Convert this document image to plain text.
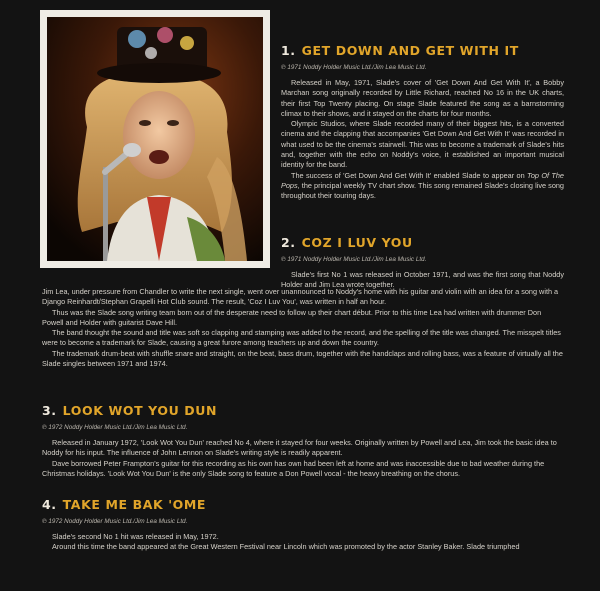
1. GET DOWN AND GET WITH IT
℗ 1971 Noddy Holder Music Ltd./Jim Lea Music Ltd.

Released in May, 1971, Slade's cover of 'Get Down And Get With It', a Bobby Marchan song originally recorded by Little Richard, reached No 16 in the UK charts, their first Top Twenty placing. On stage Slade featured the song as a barnstorming climax to their shows, and it stayed on the charts for four months.

Olympic Studios, where Slade recorded many of their biggest hits, is a converted cinema and the clapping that accompanies 'Get Down And Get With It' was recorded in what used to be the cinema's stairwell. This was to become a trademark of Slade's hits and, together with the echo on Noddy's voice, it established an important musical identity for the band.

The success of 'Get Down And Get With It' enabled Slade to appear on Top Of The Pops, the principal weekly TV chart show. This song remained Slade's closing live song throughout their touring days.

2. COZ I LUV YOU
℗ 1971 Noddy Holder Music Ltd./Jim Lea Music Ltd.

Slade's first No 1 was released in October 1971, and was the first song that Noddy Holder and Jim Lea wrote together.

Jim Lea, under pressure from Chandler to write the next single, went over unannounced to Noddy's home with his guitar and violin with an idea for a song with a Django Reinhardt/Stephan Grapelli Hot Club sound. The result, 'Coz I Luv You', was written in half an hour.

Thus was the Slade song writing team born out of the desperate need to follow up their chart début. Prior to this time Lea had written with drummer Don Powell and Holder with guitarist Dave Hill.

The band thought the sound and title was soft so clapping and stamping was added to the record, and the spelling of the title was changed. The misspelt titles were to become a trademark for Slade, causing a great furore among teachers up and down the country.

The trademark drum-beat with shuffle snare and straight, on the beat, bass drum, together with the handclaps and rolling bass, was a feature of virtually all the Slade singles between 1971 and 1974.

3. LOOK WOT YOU DUN
℗ 1972 Noddy Holder Music Ltd./Jim Lea Music Ltd.

Released in January 1972, 'Look Wot You Dun' reached No 4, where it stayed for four weeks. Originally written by Powell and Lea, Jim took the basic idea to Noddy for his input. The influence of John Lennon on Slade's writing style is readily apparent.

Dave borrowed Peter Frampton's guitar for this recording as his own has own had been left at home and was inaccessible due to bad weather during the Christmas holidays. 'Look Wot You Dun' is the only Slade song to feature a Don Powell vocal - the heavy breathing on the chorus.

4. TAKE ME BAK 'OME
℗ 1972 Noddy Holder Music Ltd./Jim Lea Music Ltd.

Slade's second No 1 hit was released in May, 1972.

Around this time the band appeared at the Great Western Festival near Lincoln which was promoted by the actor Stanley Baker. Slade triumphed
